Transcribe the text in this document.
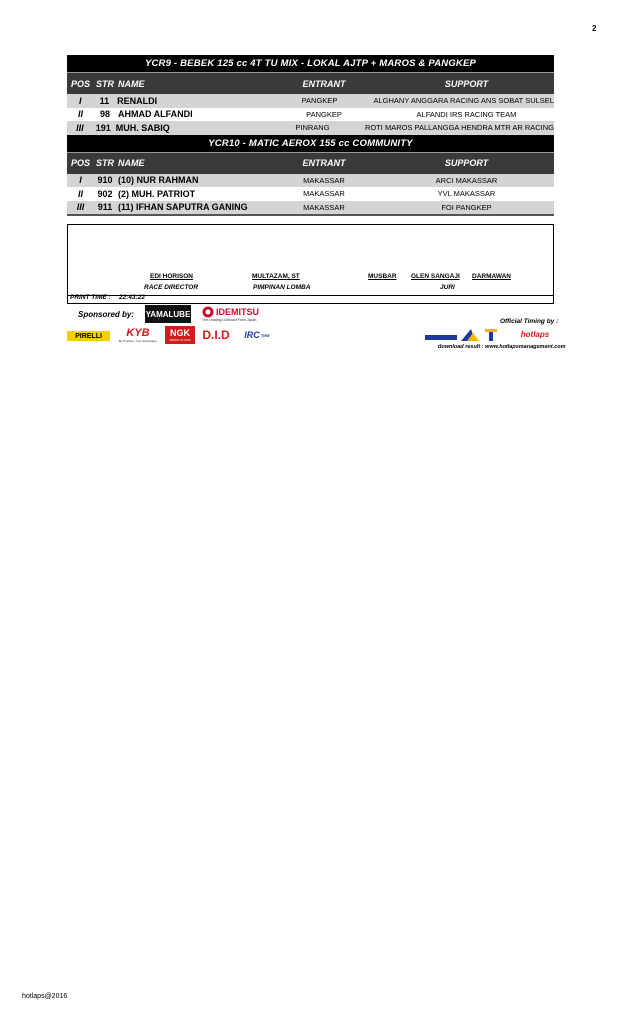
2
YCR9 - BEBEK 125 cc 4T TU MIX - LOKAL AJTP + MAROS & PANGKEP
POS STR NAME	ENTRANT	SUPPORT
I	11 RENALDI	PANGKEP	ALGHANY ANGGARA RACING ANS SOBAT SULSEL
II	98 AHMAD ALFANDI	PANGKEP	ALFANDI IRS RACING TEAM
III	191 MUH. SABIQ	PINRANG	ROTI MAROS PALLANGGA HENDRA MTR AR RACING
YCR10 - MATIC AEROX 155 cc COMMUNITY
POS STR NAME	ENTRANT	SUPPORT
I	910 (10) NUR RAHMAN	MAKASSAR	ARCI MAKASSAR
II	902 (2) MUH. PATRIOT	MAKASSAR	YVL MAKASSAR
III	911 (11) IFHAN SAPUTRA GANING	MAKASSAR	FOI PANGKEP
EDI HORISON
RACE DIRECTOR
MULTAZAM, ST
PIMPINAN LOMBA
MUSBAR GLEN SANGAJI DARMAWAN
JURI
PRINT TIME : 22:43:22
Sponsored by: YAMALUBE	IDEMITSU
The Leading Lubricant From Japan
PIRELLI KYB
Be Positive. Your Advantage.
NGK
SPARK PLUGS D.I.D IRC TIRE
Official Timing by :
hotlaps
download result : www.hotlapsmanagement.com
hotlaps@2016
